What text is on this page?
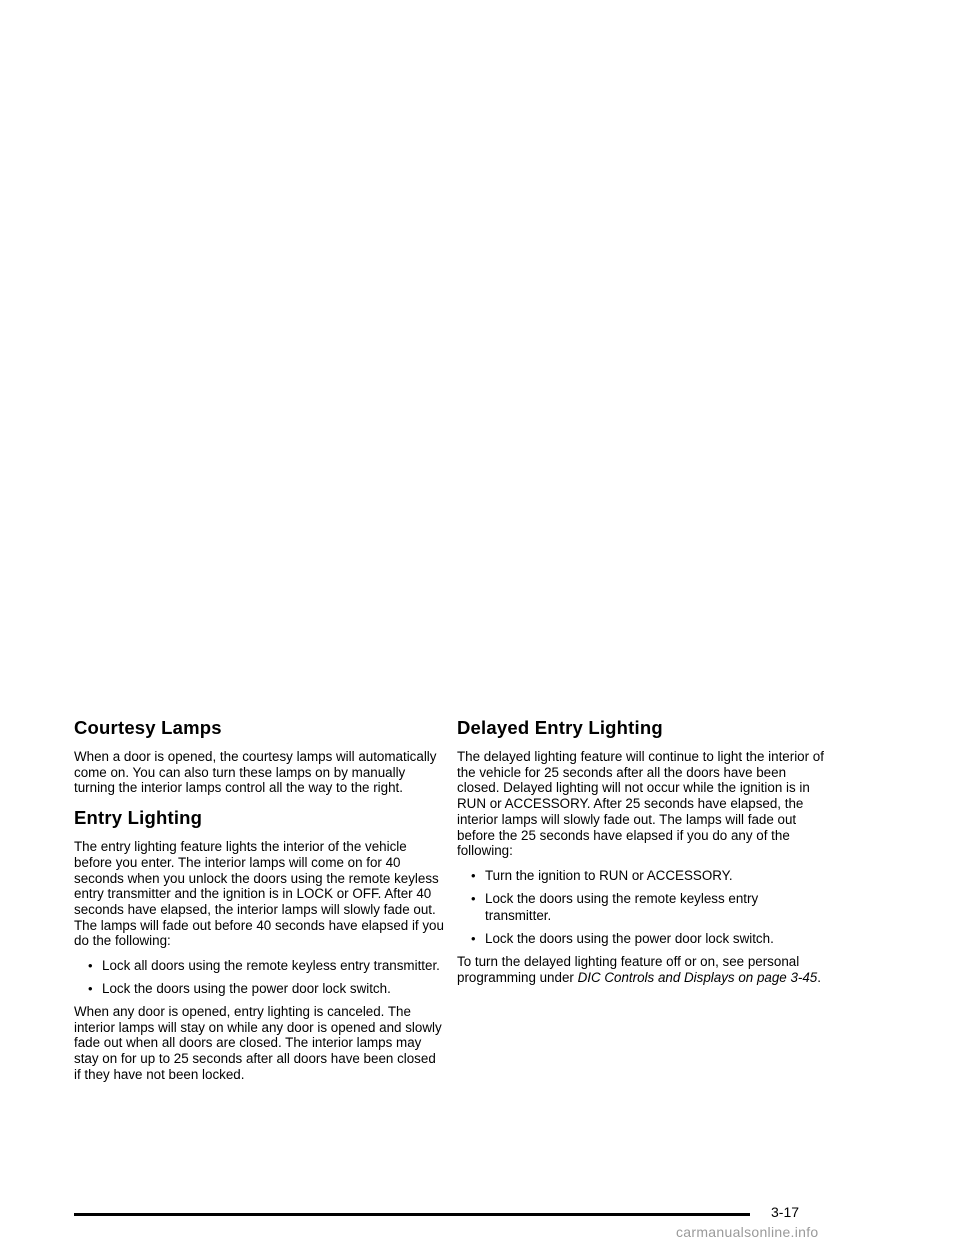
Courtesy Lamps

When a door is opened, the courtesy lamps will automatically come on. You can also turn these lamps on by manually turning the interior lamps control all the way to the right.

Entry Lighting

The entry lighting feature lights the interior of the vehicle before you enter. The interior lamps will come on for 40 seconds when you unlock the doors using the remote keyless entry transmitter and the ignition is in LOCK or OFF. After 40 seconds have elapsed, the interior lamps will slowly fade out. The lamps will fade out before 40 seconds have elapsed if you do the following:

• Lock all doors using the remote keyless entry transmitter.
• Lock the doors using the power door lock switch.

When any door is opened, entry lighting is canceled. The interior lamps will stay on while any door is opened and slowly fade out when all doors are closed. The interior lamps may stay on for up to 25 seconds after all doors have been closed if they have not been locked.

Delayed Entry Lighting

The delayed lighting feature will continue to light the interior of the vehicle for 25 seconds after all the doors have been closed. Delayed lighting will not occur while the ignition is in RUN or ACCESSORY. After 25 seconds have elapsed, the interior lamps will slowly fade out. The lamps will fade out before the 25 seconds have elapsed if you do any of the following:

• Turn the ignition to RUN or ACCESSORY.
• Lock the doors using the remote keyless entry transmitter.
• Lock the doors using the power door lock switch.

To turn the delayed lighting feature off or on, see personal programming under DIC Controls and Displays on page 3-45.

3-17
carmanualsonline.info
